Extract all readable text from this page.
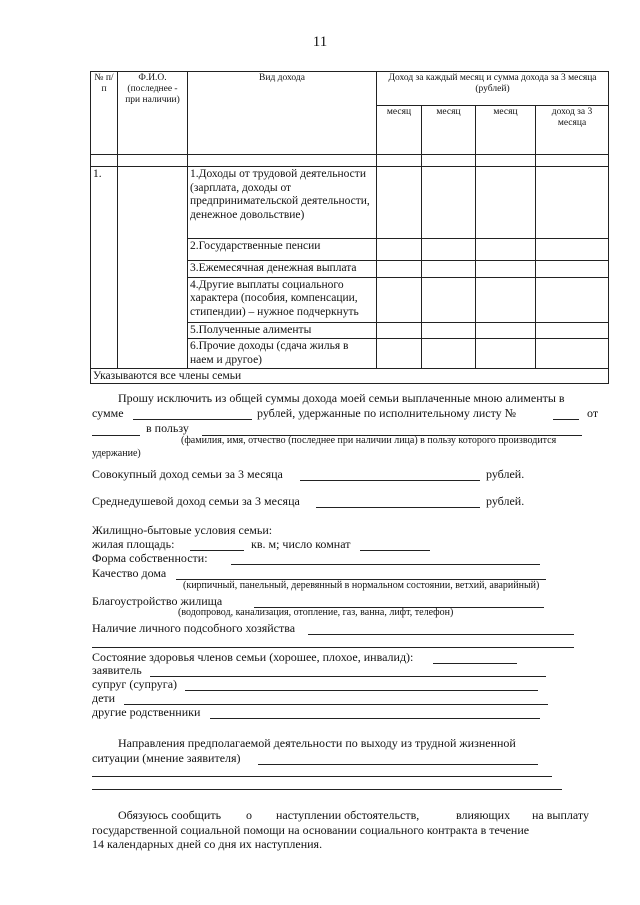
11
№ п/п	Ф.И.О. (последнее - при наличии)	Вид дохода	Доход за каждый месяц и сумма дохода за 3 месяца (рублей)			
			месяц	месяц	месяц	доход за 3 месяца

1.		1.Доходы от трудовой деятельности (зарплата, доходы от предпринимательской деятельности, денежное довольствие)				
		2.Государственные пенсии				
		3.Ежемесячная денежная выплата				
		4.Другие выплаты социального характера (пособия, компенсации, стипендии) – нужное подчеркнуть				
		5.Полученные алименты				
		6.Прочие доходы (сдача жилья в наем и другое)				
Указываются все члены семьи						
Прошу исключить из общей суммы дохода моей семьи выплаченные мною алименты в
сумме	рублей, удержанные по исполнительному листу №	от
в пользу
(фамилия, имя, отчество (последнее при наличии лица) в пользу которого производится
удержание)
Совокупный доход семьи за 3 месяца	рублей.
Среднедушевой доход семьи за 3 месяца	рублей.
Жилищно-бытовые условия семьи:
жилая площадь:	кв. м; число комнат
Форма собственности:
Качество дома
(кирпичный, панельный, деревянный в нормальном состоянии, ветхий, аварийный)
Благоустройство жилища
(водопровод, канализация, отопление, газ, ванна, лифт, телефон)
Наличие личного подсобного хозяйства
Состояние здоровья членов семьи (хорошее, плохое, инвалид):
заявитель
супруг (супруга)
дети
другие родственники
Направления предполагаемой деятельности по выходу из трудной жизненной
ситуации (мнение заявителя)
Обязуюсь сообщить о наступлении обстоятельств,	влияющих на выплату
государственной социальной помощи на основании социального контракта в течение
14 календарных дней со дня их наступления.
